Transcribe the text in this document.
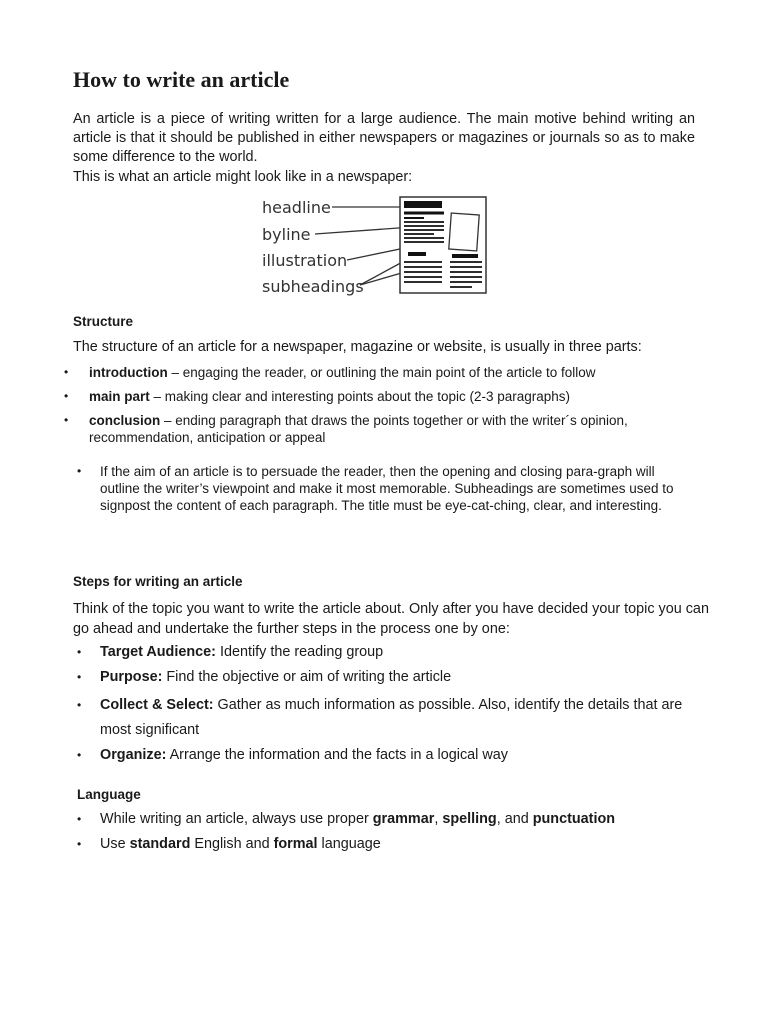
How to write an article

An article is a piece of writing written for a large audience. The main motive behind writing an article is that it should be published in either newspapers or magazines or journals so as to make some difference to the world.

This is what an article might look like in a newspaper:

headline
byline
illustration
subheadings
Structure

The structure of an article for a newspaper, magazine or website, is usually in three parts:

• introduction – engaging the reader, or outlining the main point of the article to follow
• main part – making clear and interesting points about the topic (2-3 paragraphs)
• conclusion – ending paragraph that draws the points together or with the writer´s opinion, recommendation, anticipation or appeal
• If the aim of an article is to persuade the reader, then the opening and closing para-graph will outline the writer’s viewpoint and make it most memorable. Subheadings are sometimes used to signpost the content of each paragraph. The title must be eye-cat-ching, clear, and interesting.
Steps for writing an article

Think of the topic you want to write the article about. Only after you have decided your topic you can go ahead and undertake the further steps in the process one by one:

• Target Audience: Identify the reading group
• Purpose: Find the objective or aim of writing the article
• Collect & Select: Gather as much information as possible. Also, identify the details that are most significant
• Organize: Arrange the information and the facts in a logical way
Language
• While writing an article, always use proper grammar, spelling, and punctuation
• Use standard English and formal language
